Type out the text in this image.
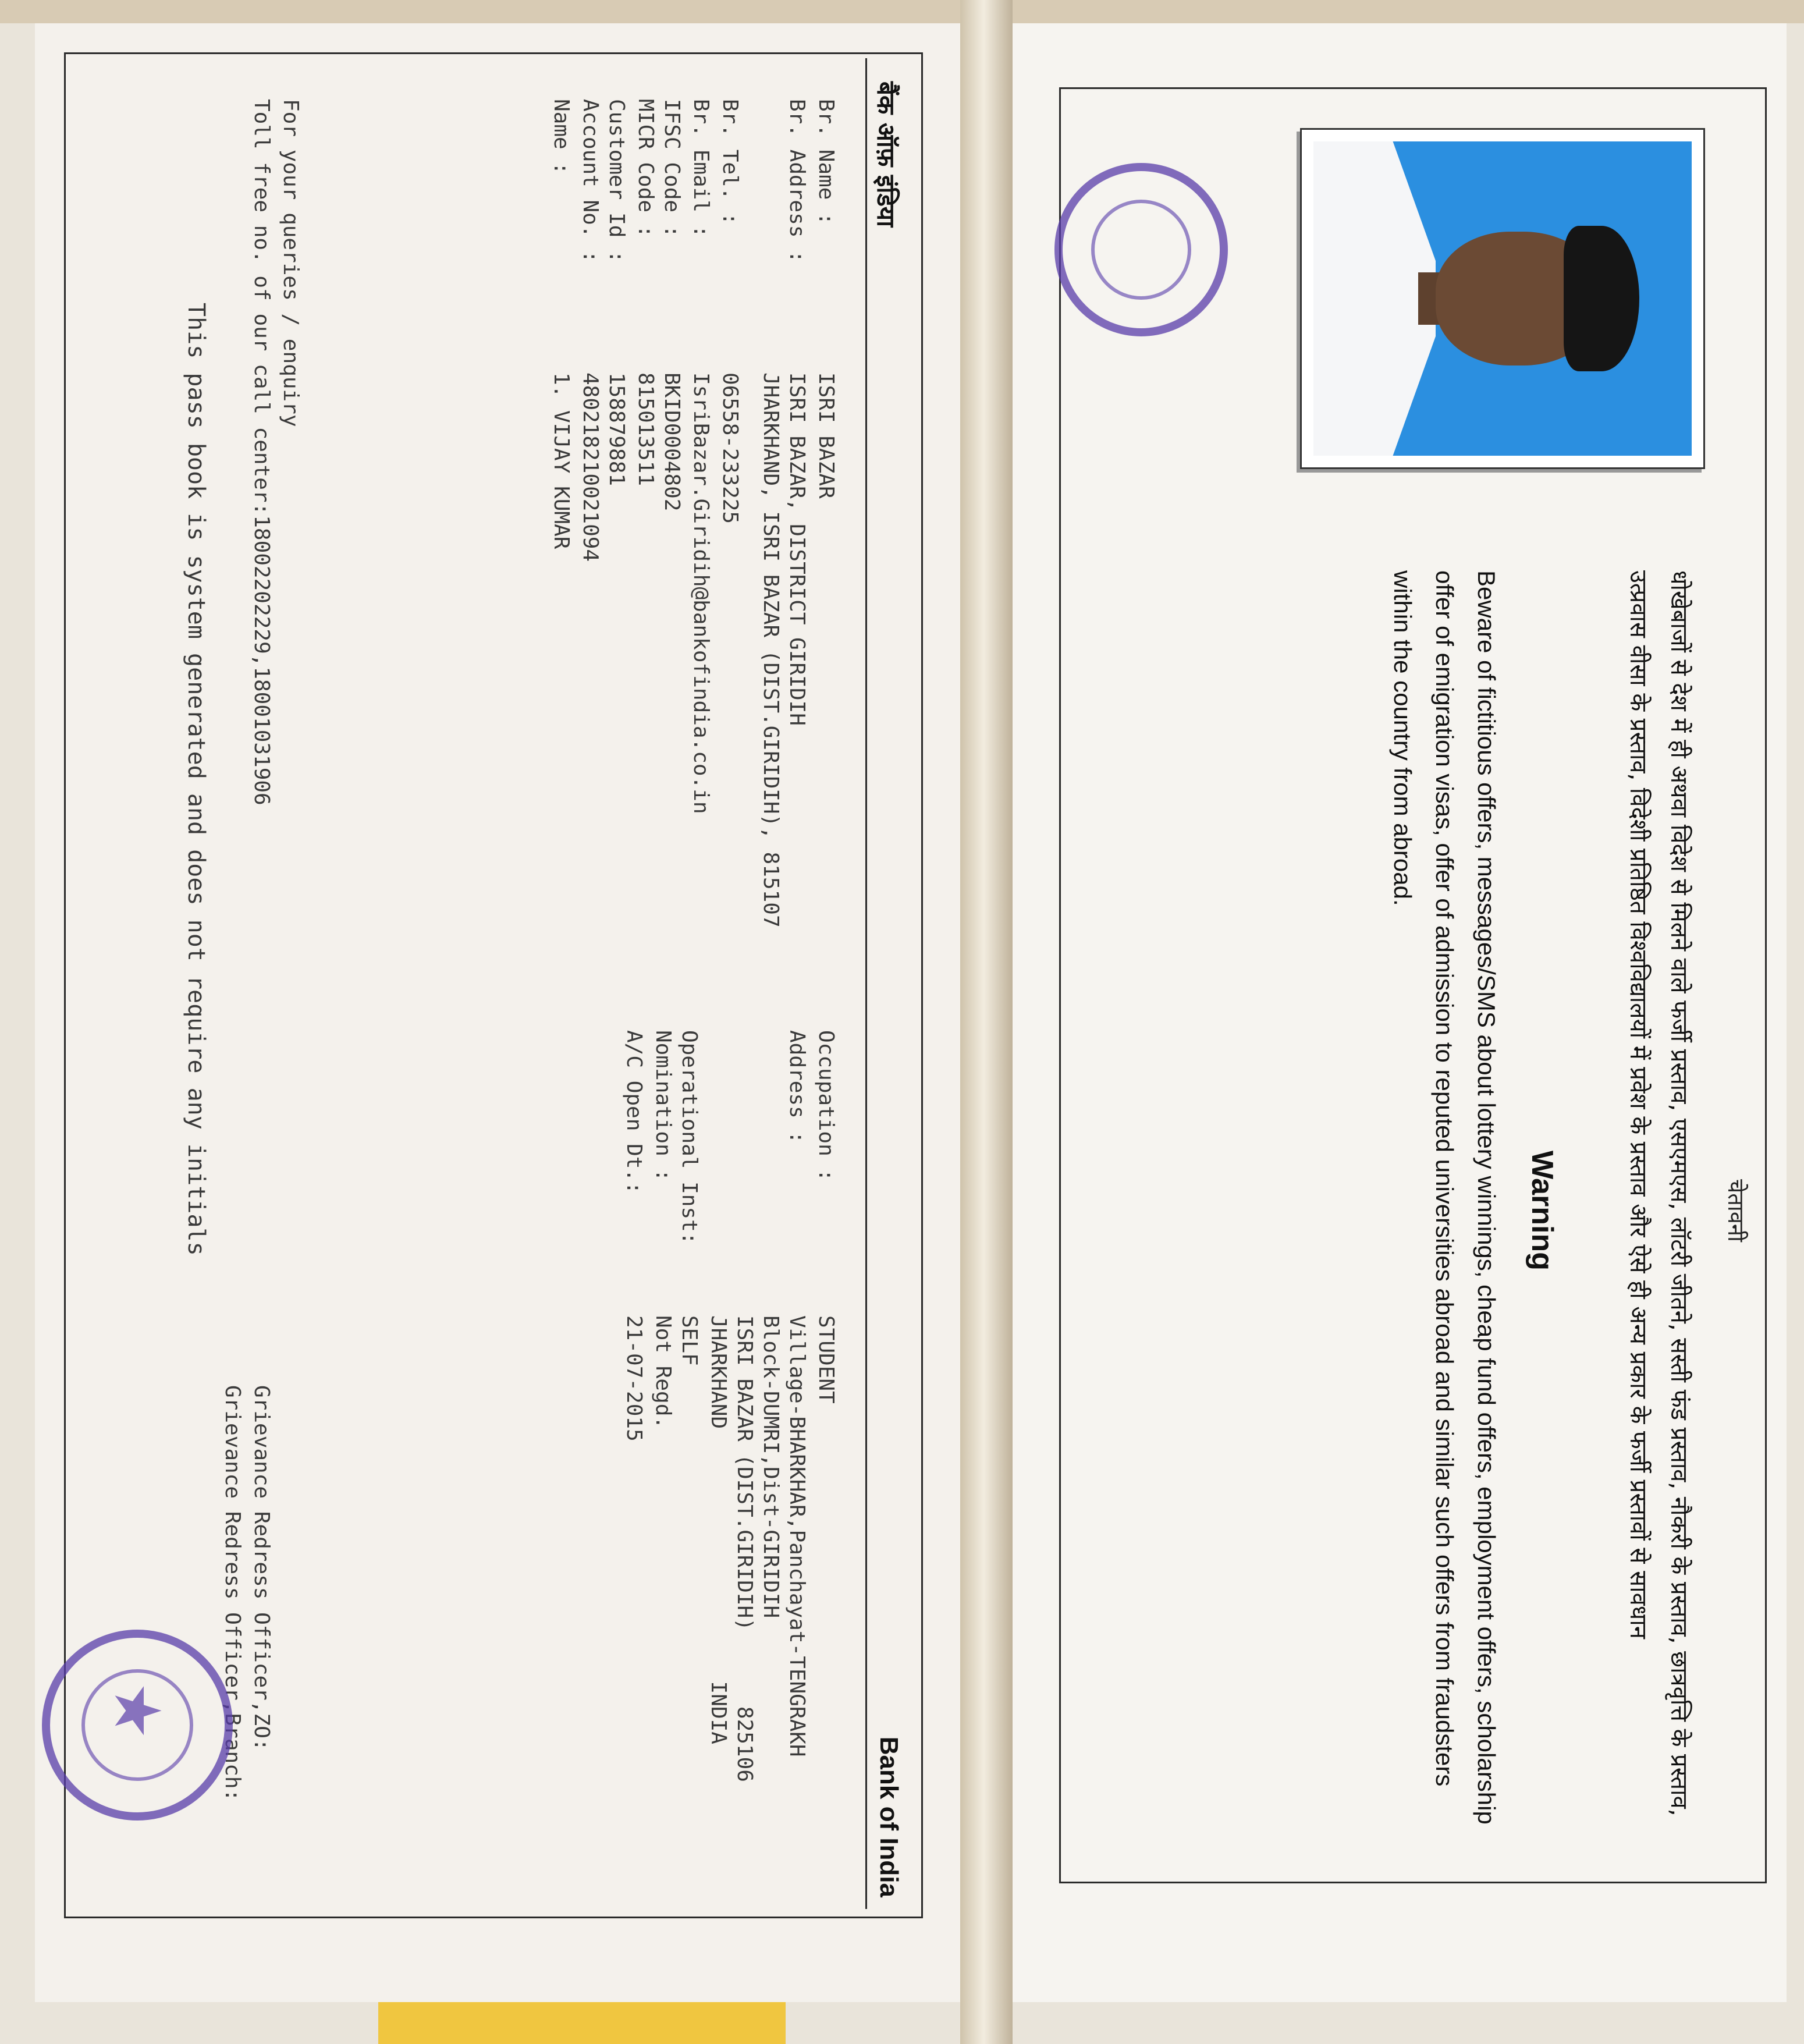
बैंक ऑफ़ इंडिया
Bank of India
Br. Name :
ISRI BAZAR
Br. Address :
ISRI BAZAR, DISTRICT GIRIDIH
JHARKHAND, ISRI BAZAR (DIST.GIRIDIH), 815107
Br. Tel. :
06558-233225
Br. Email :
IsriBazar.Giridih@bankofindia.co.in
IFSC Code :
BKID0004802
MICR Code :
815013511
Customer Id :
158879881
Account No. :
480218210021094
Name :
1. VIJAY KUMAR
Occupation :
STUDENT
Address :
Village-BHARKHAR,Panchayat-TENGRAKH
Block-DUMRI,Dist-GIRIDIH
ISRI BAZAR (DIST.GIRIDIH)      825106
JHARKHAND                    INDIA
Operational Inst:
SELF
Nomination :
Not Regd.
A/C Open Dt.:
21-07-2015
For your queries / enquiry
Grievance Redress Officer,ZO:
Toll free no. of our call center:18002202229,18001031906
Grievance Redress Officer,Branch:
This pass book is system generated and does not require any initials
★
चेतावनी
धोखेबाजों से देश में ही अथवा विदेश से मिलने वाले फर्जी प्रस्ताव, एसएमएस, लॉटरी जीतने, सस्ती फंड प्रस्ताव, नौकरी के प्रस्ताव, छात्रवृत्ति के प्रस्ताव, उत्प्रवास वीसा के प्रस्ताव, विदेशी प्रतिष्ठित विश्वविद्यालयों में प्रवेश के प्रस्ताव और ऐसे ही अन्य प्रकार के फर्जी प्रस्तावों से सावधान
Warning
Beware of fictitious offers, messages/SMS about lottery winnings, cheap fund offers, employment offers, scholarship offer of emigration visas, offer of admission to reputed universities abroad and similar such offers from fraudsters within the country from abroad.
